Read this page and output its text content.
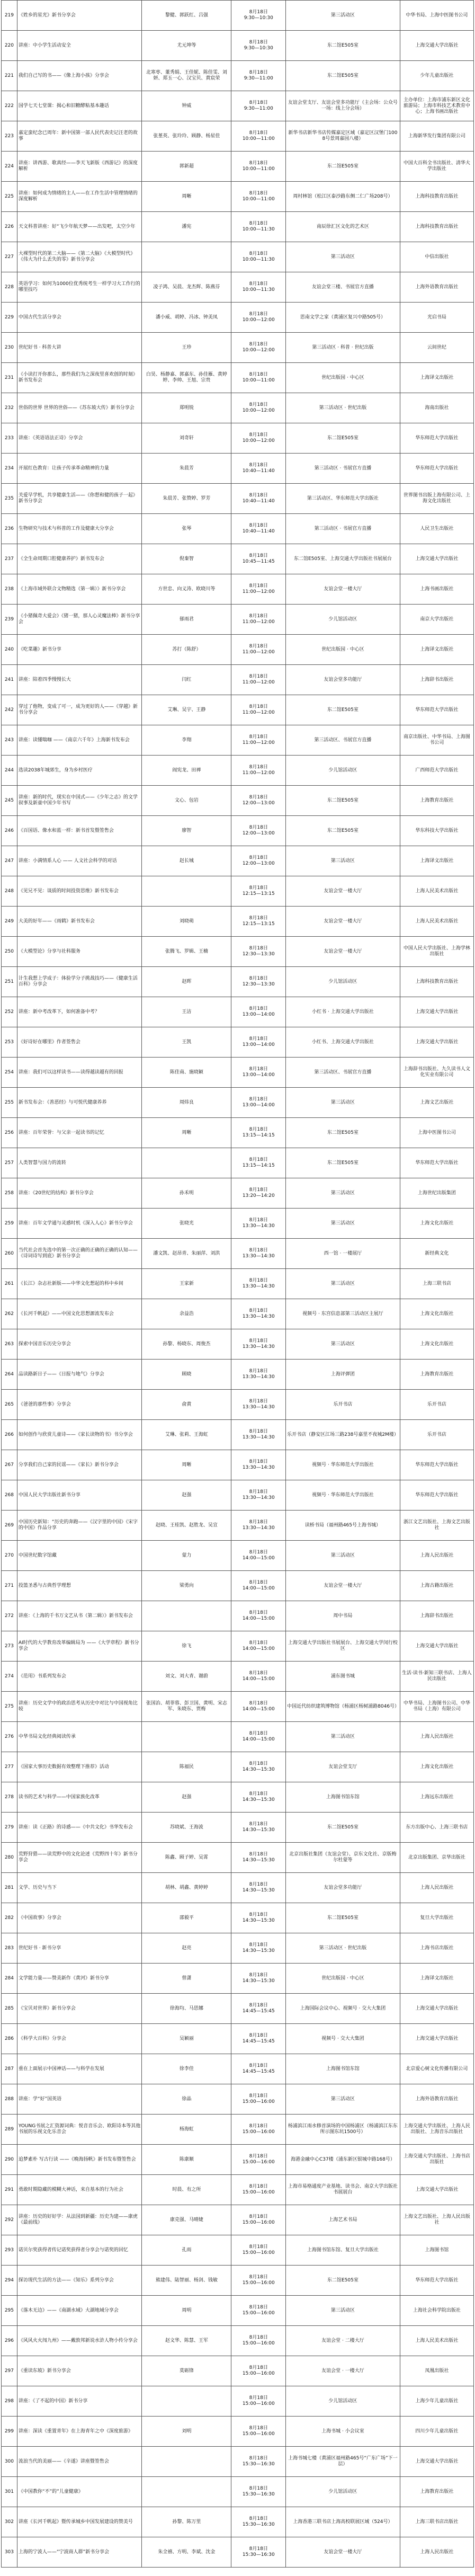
219	《姓乡的星光》新书分享会	黎健、郭跃红、吕强	8月18日
9:30—10:30	第三活动区	中华书局、上海中医图书公司
220	讲座：中小学生活动安全	尤元坤等	8月18日
9:30—10:30	东二馆E505室	上海交通大学出版社
221	我们自己写的书——《像上海小孩》分享会	北寒枣、董秀娟、王佳妮、陈佳雯、刘妍、郑玉一心、汉宝贝、黄宸荣	8月18日
9:30—11:00	东二馆E505室	少年儿童出版社
222	国学七天七堂课：揭心和旧糖酵粘基本趣话	钟威	8月18日
9:30—11:00	友谊会堂支厅、友谊会堂多功能厅（主会场：公众号一场：线上分会场）	主办单位：上海市浦东新区文化旅游局；上海市科技艺术教育中心；上海书画出版社
223	嘉定蛮纪念已周年：新中国第一部人民代表史记汪老的故事	张堇英、张玲玲、顾静、杨星佳	8月18日
10:00—11:00	新华书店新华书店传媒嘉定区域（嘉定区汉堡门1008号景周嘉园八楼）	上海新华发行集团有限公司
224	讲座：讲西游、歌真经——李天飞新版《西游记》的深度解析	郭新超	8月18日
10:00—11:00	东二馆E505室	中国大百科全书出版社、清华大学出版社
225	讲座：如何成为情绪的主人——在工作生活中管理情绪的深度解析	周晰	8月18日
10:00—11:00	周村林馆（松江区泰沙路东侧二仁广场208号）	上海科技教育出版社
226	天文科普讲座：好“飞少年航天梦——出发吧，太空少年	潘宪	8月18日
10:00—11:30	南辰徐汇区文化的艺术区	上海科技教育出版社
227	大裸型时代的第二大脑——《第二大脑》《大模型时代》《伟大为什么丢失的零》新书分享会		8月18日
10:00—11:30	第三活动区	中信出版社
228	英语学习：如何为1000位优秀统考生一样学习大工作行的哪里技巧	凌子鸿、吴晨、龙杰辉、陈燕芬	8月18日
10:00—11:30	友谊会堂三楼、书展官方直播	上海外语教育出版社
229	中国古代生活分享会	潘小威、胡婷、冯冰、钟美凤	8月18日
10:00—12:00	思南文学之家（黄浦区复兴中路505号）	光启书局
230	世纪好书 · 科普大讲	王珍	8月18日
10:00—12:00	第三活动区 · 科普 · 世纪出版	云间世纪
231	《小读打开你那么，那些我们为之深夜里喜欢创的时刻》新书发布会	白昊、杨静嘉、郭嘉东、孙佳雁、黄婷婷、李帅、王旭、宗贵	8月18日
10:00—11:00	世纪出版园 · 中心区	上海译文出版社
232	世俗的世界 世界的世俗——《苏东坡大传》新书分享会	郑明锐	8月18日
10:00—12:00	第三活动区 · 世纪出版	海南出版社
233	讲座：《英语语法正诗》分享会	刘奇轩	8月18日
10:00—12:00	东二馆E505室	华东师范大学出版社
234	开展红色教育：让孩子传承革命精神的力量	朱晨芳	8月18日
10:40—11:40	第三活动区 · 书展官方直播	华东师范大学出版社
235	关爱早学机，共享健康生活——《你想和健的孩子一起》新书分享会	朱晨芳、张赞婷、罗芳	8月18日
10:40—11:40	第三活动区、华东师范大学出版社	世界图书出版上海有限公司、上海文化出版社
236	生物研究与技术与科普的工作及健康大分享会	张琴	8月18日
10:40—11:40	第三活动区 · 书展官方直播	人民卫生出版社
237	《全生命周期口腔健康养护》新书发布会	倪秦智	8月18日
10:45—11:45	东二馆E505室、上海交通大学出版社书展展台	上海交通大学出版社
238	《上海市域外联合文物精选（第一辑）》新书分享会	方世忠、向义涛、欧晓川等	8月18日
11:00—12:00	友谊会堂一楼大厅	上海书画出版社
239	《小猪佩奇大爱会》《猪一猪，那人心灵魔法棒》新书分享会	郁雨君	8月18日
11:00—12:00	少儿馆活动区	南京大学出版社
240	《吃菜趣》新书分享	苏打（陈舒）	8月18日
11:00—12:00	世纪出版园 · 中心区	上海译文出版社
241	讲座：陪着四季慢慢长大	闫红	8月18日
11:00—12:00	友谊会堂多功能厅	上海辞书出版社
242	穿过了他物，变成了可一，成为更好的人——《穿越》新书分享会	艾琳、吴宇、王静	8月18日
11:00—12:00	东二馆E505室	华东师范大学出版社
243	讲座：读懂喘咖 ——《南京六千年》上海新书发布会	李翔	8月18日
11:00—12:00	第三活动区、书展官方直播	南京出版社、中华书局、上海图书公司
244	选读2038年城郊生，身为乡村医疗	阎宪龙、田禅	8月18日
11:00—12:00	少儿馆活动区	广西师范大学出版社
245	讲座：新的时代，现实在中国式——《少年之志》的文学叙事及新童中国少年书写	文心、包岩	8月18日
12:00—13:00	东二馆E505室	上海教育出版社
246	《百国语、像水和蓝一样：新书首发暨签售会	廖智	8月18日
12:00—13:00	东二馆E505室	华东科技大学出版社
247	讲座：小满情系人心 —— 人文社会科学的对话	赵长城	8月18日
12:00—13:00	第三活动区	上海译文出版社
248	《见兄不见：谈质的时间投资思维》新书发布会		8月18日
12:15—13:15	友谊会堂一楼大厅	上海人民美术出版社
249	大美的好年——《雨鹤》新书发布会	刘晓萌	8月18日
12:15—13:15	友谊会堂一楼大厅	上海人民美术出版社
250	《大模型论》分享与社科服务	张腾飞、罗辑、王楠	8月18日
12:30—13:30	友谊会堂一楼大厅	中国人民大学出版社、上海学林出版社
251	计生我想上学成子：体验学分子挑战技巧——《健康生活百科》分享会	赵晖	8月18日
12:30—13:30	少儿馆活动区	上海科技教育出版社
252	讲座：新中考改革下，如何准备中考？	王洁	8月18日
13:00—14:00	小红书 · 上海交通大学出版社	上海交通大学出版社
253	《好诗好在哪里》作者签售会	王凯	8月18日
13:00—14:00	小红书、上海交通大学出版社	上海交通大学出版社
254	讲座：我们可以这样读书——读得越读越有的回报	陈佳南、施晓颖	8月18日
13:00—14:00	第三活动区、书展官方直播	上海辞书出版社、九久读书人文化实业有限公司
255	新书发布会：《善恶经》与可悦代健康养养	周炜良	8月18日
13:00—14:00	第三活动区	上海文艺出版社
256	讲座：百年荣誉：与父亲一起读书的记忆	周晰	8月18日
13:15—14:15	东二馆E505室	上海中医图书公司
257	人类智慧与国力的流转		8月18日
13:15—14:15	东二馆E505室	华东师范大学出版社
258	讲座：《20世纪的结构》新书分享会	孙禾明	8月18日
13:20—14:20	第三活动区	上海世纪出版集团
259	讲座：百年文学通与灵感时机《深入人心》新书分享会	张晓光	8月18日
13:30—14:30	第三活动区	上海文化出版社
260	当代社会首先选中的第一次正确的正确的正确的认知——《诗词诗写到底》新书分享会	潘文凯、赵昂青、朱丽萍、刘洪	8月18日
13:30—14:30	西一馆 · 一楼展厅	新经典文化
261	《长江》杂志社新版——中华文化想起的科中乡间	王家新	8月18日
13:30—14:30	第三活动区	上海三联书店
262	《长河千帆起》——中国文化思想源流发布会	余益浩	8月18日
13:30—14:30	视频号 · 东宫信息部第三活动区主展厅	上海文化出版社
263	探索中国音乐历史分享会	孙黎、杨晓东、周俊杰	8月18日
13:30—14:30	第三活动区	上海文化出版社
264	品读路新日子——《日报与地气》分享会	顾晓	8月18日
13:30—14:30	上海评弹团	上海教育出版社
265	《爸爸的那些事》分享会	俞黄	8月18日
13:30—14:30	乐开书店	乐开书店
266	如何创作与欣赏儿童诗——《家长读物的书》书分享会	艾琳、张莉、王海虹	8月18日
13:30—14:30	乐开书店（静安区江场三路238号嘉里不夜城2M楼）	乐开书店
267	分享我们自己家的民谣——《家长》新书分享会	周晰	8月18日
13:30—14:30	视频号 · 华东师范大学出版社	华东师范大学出版社
268	中国人民大学出版社新书分享	赵强	8月18日
13:30—14:30	视频号 · 华东师范大学出版社	华东师范大学出版社
269	中国历史新知：“历史的奔跑——《汉字里的中国》《宋字的中国》作品分享	赵晓、王桂凯、赵胜龙、吴宣	8月18日
13:30—14:30	读桥书局（福州路465号上海书城）	浙江文艺出版社、上海文艺出版社
270	中国世纪数字馆藏	蒙力	8月18日
14:00—15:00	第三活动区	上海人民出版社
271	投篮圣悉与古典哲学理想	梁勇向	8月18日
14:00—15:00	友谊会堂一楼大厅	上海古籍出版社
272	讲座：《上海的千书万文艺从书（第二辑）》新书发布会		8月18日
14:00—15:00	周中书局	上海辞书出版社
273	AI时代的大学教育改革编辑局为 ——《大学章程》新书分享会	徐飞	8月18日
14:00—15:00	上海交通大学出版社书展展台、上海交通大学闵行校区	上海交通大学出版社
274	《范用》书系列发布会	刘文、刘大青、谢蔚	8月18日
14:00—15:00	浦东图书城	生活·读书·新知三联书店、上海人民出版社
275	讲座：历史文学中的政治思考从历史中对比与中国视角比较	张国治、胡菲蓉、彭卫国、黄明、宋志军、朱晓东、贾梅	8月18日
14:00—15:00	中国近代纺织建筑博物馆（杨浦区杨树浦路8046号）	中华书局、上海图书公司、中华书局（上海）有限公司
276	中华书局文化经典阅读传承		8月18日
14:00—15:00	第三活动区	上海人民出版社
277	《国家大事历史数据有效整理下推荐》活动	陈福民	8月18日
14:30—15:30	友谊会堂支厅	上海文化出版社
278	读书的艺术与科学——中国家族化改革	赵强	8月18日
14:30—15:30	上海图书馆东馆	上海远东出版社
279	讲座：读《正路》的诗感——《中共文化》书华发布会	苏晓斌、王海波	8月18日
14:30—15:30	东二馆E505室	东方出版中心、上海三联书店
280	荒野狩猎——读荒野中的文化论述《荒野四十年》新书分享会	陈鑫、顾子婷、吴霄	8月18日
14:30—15:30	北京出版社集团（友谊会堂）、京东文化社、京版梅尔杜蒙等	北京出版集团、京华出版社
281	文学、历史与当下	胡林、胡鑫、黄婷婷	8月18日
14:30—15:30	友谊会堂多功能厅	上海人民出版社
282	《中国故事》分享会	邵毅平	8月18日
14:30—15:30	东二馆E505室	复旦大学出版社
283	世纪好书 · 新书分享	赵亮	8月18日
14:30—15:30	第三活动区 · 世纪出版	上海书店出版社
284	文学能力量——赞美新作《黄河》新书分享	曾潇	8月18日
14:30—15:30	世纪出版园 · 中心区	上海译文出版社
285	《宝贝对世界》新书分享会	徐海均、马思娜	8月18日
14:45—15:45	上海国际会议中心、视频号 · 交大大集团	上海交通大学出版社
286	《科学大百科》分享会	吴颖丽	8月18日
14:45—15:45	视频号 · 交大大集团	上海交通大学出版社
287	重在上面展示中国神话——与科学在发展	徐李佳	8月18日
14:45—15:45	上海图书馆东馆	北京爱心树文化传播有限公司
288	讲座：学“好”国英语	徐晶	8月18日
15:00—16:00	第三活动区	上海外语教育出版社
289	YOUNG书展之汇资源词典：悦音音乐会、欧阳诗本等其他书展的乐视文化乐音会	杨海虹	8月18日
15:00—16:00	杨浦滨江雨水修首演场的中国杨浦区（杨浦滨江东东所示图东坑1500号）	上海交通大学出版社、上海人民出版社、上海音乐出版社
290	追梦素朴 写古行读 ——《晚海扬帆》新书发布暨签售会	陈康顺	8月18日
15:00—16:00	海港金融中心C37楼（浦东新区银城中路168号）	上海交通大学出版社、上海书店出版社
291	勇敢时期隐藏的模糊大神话，来自基本的行为社会	时晨、有之所	8月18日
15:00—16:00	上海市易格通度产业基地、读书会、南京大学出版社书展展台	上海交通大学出版社
292	讲座：历史的好好学：从法国到新疆：历史为建——康虎《最前线》	康克强、马晴婕	8月18日
15:00—16:00	上海艺术书局	上海文艺出版社、上海人民出版社
293	诺贝尔奖获得者传记诺奖获得者分享会与诺奖的回忆	孔雨	8月18日
15:00—16:00	上海图书馆东馆、复旦大学出版社	上海图书馆
294	探访现代生活的方法——《知乐》系列分享会	熊建伟、陆智丽、杨剑、钱敏	8月18日
15:00—16:00	东二馆E505室	华东师范大学出版社
295	《落木无边》——《南湖水域》大湖地域分享会	周明	8月18日
15:00—16:00	第三活动区	上海社会科学院出版社
296	《风风火火闯九州》——戴敦邦新说水浒人物小传分享会	赵文华、陈慧、王军	8月18日
15:00—16:00	友谊会堂 · 二楼大厅	上海人民美术出版社
297	《重读东坡》新书分享会	莫砺锋	8月18日
15:00—16:00	友谊会堂 · 一楼大厅	凤凰出版社
298	讲座：《了不起的中国》新书分享		8月18日
15:00—16:00	少儿馆活动区	上海少年儿童出版社
299	讲座：深读《重置青年》在上海青年之中《深度旅游》	刘明	8月18日
15:00—16:00	上海书城 · 小会议室	四川少年儿童出版社
300	流浪当代的美丽——《辛遂》讲座暨签售会		8月18日
15:30—16:30	上海书城七楼（黄浦区福州路465号“广东广场”下一层）	上海交通大学出版社
301	《中国教你“不”的”儿童健康》		8月18日
15:30—16:30	少儿馆活动区	上海教育出版社
302	讲座《长河千帆起》暨传承城乡中国发展建设的赞美号	孙黎、陈万里	8月18日
15:30—16:30	上海香港三联书店上海高校联展区域（524号）	上海三联书店出版社
303	上海的宁波人——“宁波商人群”新书分享会	朱全禧、方明、李斌、沈金	8月18日
15:30—16:30	友谊会堂一楼大厅	上海人民出版社
